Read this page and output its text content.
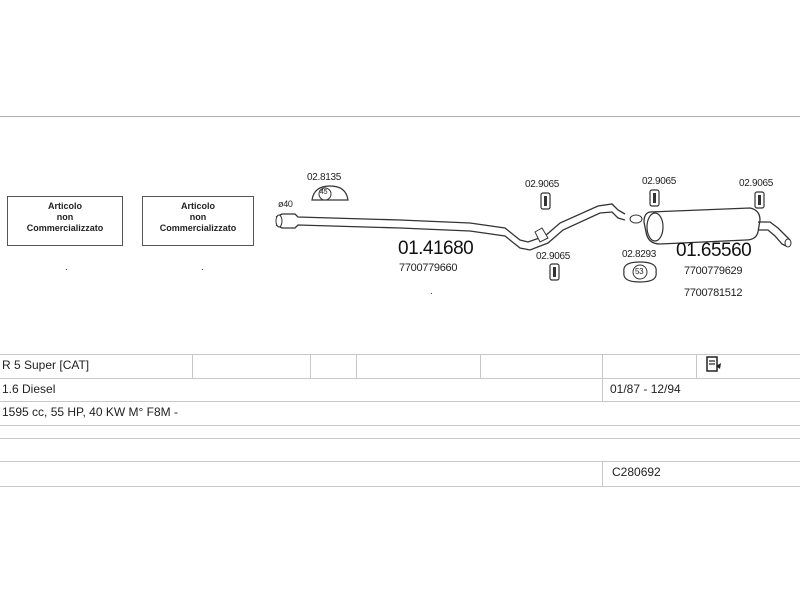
Articolo
non
Commercializzato
Articolo
non
Commercializzato
.	.
.
45
53
ø40
02.8135
02.9065	02.9065	02.9065
02.9065	02.8293
01.41680
7700779660
01.65560
7700779629
7700781512
R 5 Super [CAT]
1.6 Diesel	01/87 - 12/94
1595 cc, 55 HP, 40 KW M° F8M -
C280692
